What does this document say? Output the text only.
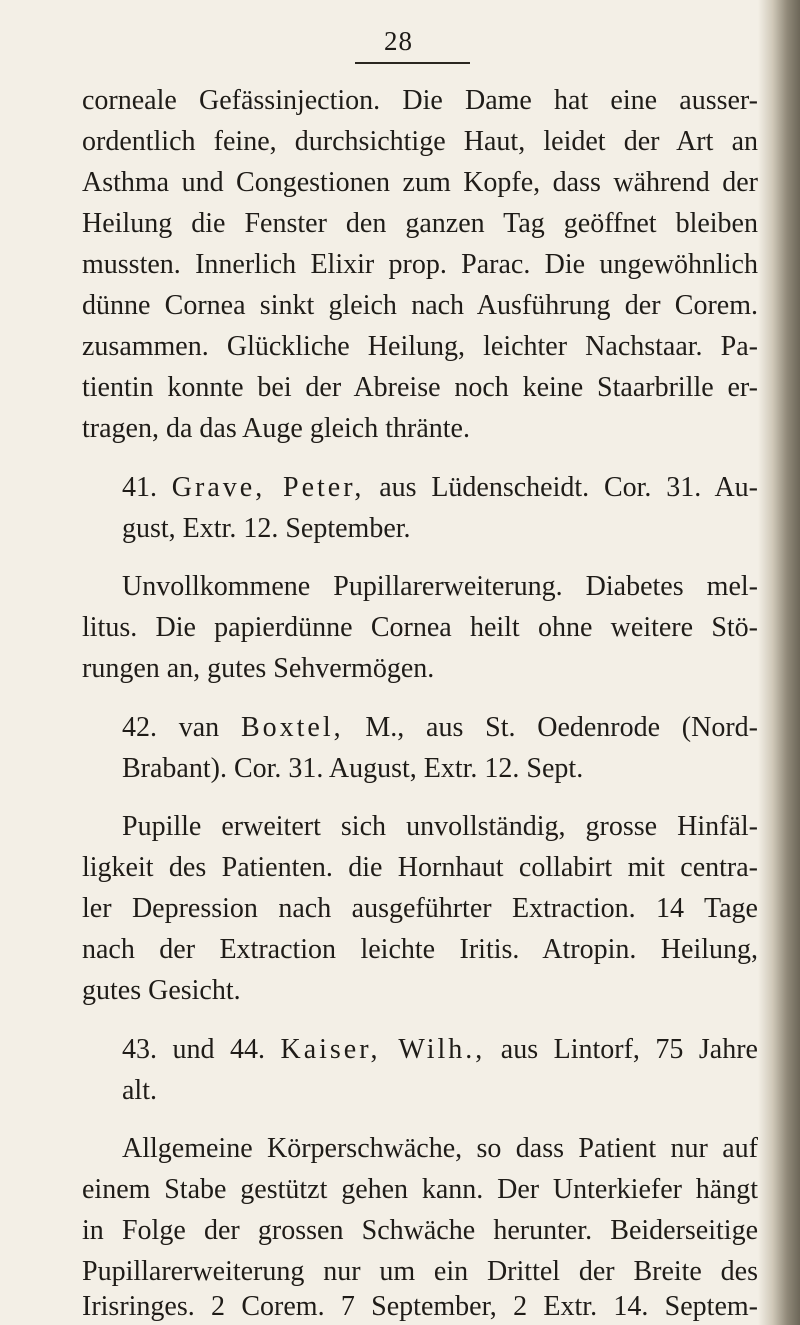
28
corneale Gefässinjection. Die Dame hat eine ausser-
ordentlich feine, durchsichtige Haut, leidet der Art an
Asthma und Congestionen zum Kopfe, dass während der
Heilung die Fenster den ganzen Tag geöffnet bleiben
mussten. Innerlich Elixir prop. Parac. Die ungewöhnlich
dünne Cornea sinkt gleich nach Ausführung der Corem.
zusammen. Glückliche Heilung, leichter Nachstaar. Pa-
tientin konnte bei der Abreise noch keine Staarbrille er-
tragen, da das Auge gleich thränte.
41. Grave, Peter, aus Lüdenscheidt. Cor. 31. Au-
gust, Extr. 12. September.
Unvollkommene Pupillarerweiterung. Diabetes mel-
litus. Die papierdünne Cornea heilt ohne weitere Stö-
rungen an, gutes Sehvermögen.
42. van Boxtel, M., aus St. Oedenrode (Nord-
Brabant). Cor. 31. August, Extr. 12. Sept.
Pupille erweitert sich unvollständig, grosse Hinfäl-
ligkeit des Patienten. die Hornhaut collabirt mit centra-
ler Depression nach ausgeführter Extraction. 14 Tage
nach der Extraction leichte Iritis. Atropin. Heilung,
gutes Gesicht.
43. und 44. Kaiser, Wilh., aus Lintorf, 75 Jahre
alt.
Allgemeine Körperschwäche, so dass Patient nur auf
einem Stabe gestützt gehen kann. Der Unterkiefer hängt
in Folge der grossen Schwäche herunter. Beiderseitige
Pupillarerweiterung nur um ein Drittel der Breite des
Irisringes. 2 Corem. 7 September, 2 Extr. 14. Septem-
